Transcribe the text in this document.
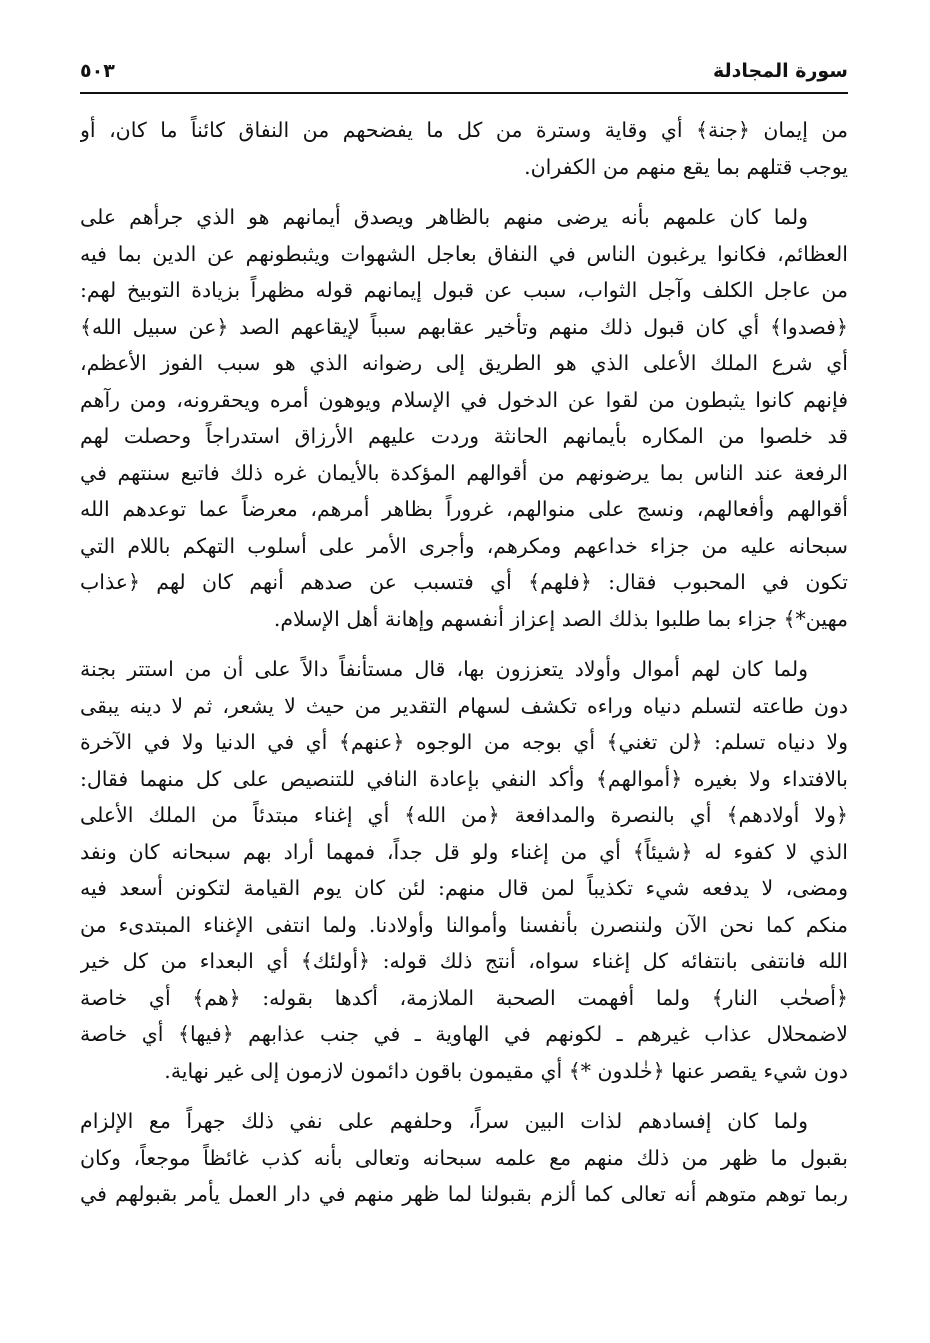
سورة المجادلة
٥٠٣
من إيمان ﴿جنة﴾ أي وقاية وسترة من كل ما يفضحهم من النفاق كائناً ما كان، أو
يوجب قتلهم بما يقع منهم من الكفران.
ولما كان علمهم بأنه يرضى منهم بالظاهر ويصدق أيمانهم هو الذي جرأهم على
العظائم، فكانوا يرغبون الناس في النفاق بعاجل الشهوات ويثبطونهم عن الدين بما فيه
من عاجل الكلف وآجل الثواب، سبب عن قبول إيمانهم قوله مظهراً بزيادة التوبيخ لهم:
﴿فصدوا﴾ أي كان قبول ذلك منهم وتأخير عقابهم سبباً لإيقاعهم الصد ﴿عن سبيل الله﴾
أي شرع الملك الأعلى الذي هو الطريق إلى رضوانه الذي هو سبب الفوز الأعظم،
فإنهم كانوا يثبطون من لقوا عن الدخول في الإسلام ويوهون أمره ويحقرونه، ومن رآهم
قد خلصوا من المكاره بأيمانهم الحانثة وردت عليهم الأرزاق استدراجاً وحصلت لهم
الرفعة عند الناس بما يرضونهم من أقوالهم المؤكدة بالأيمان غره ذلك فاتبع سنتهم في
أقوالهم وأفعالهم، ونسج على منوالهم، غروراً بظاهر أمرهم، معرضاً عما توعدهم الله
سبحانه عليه من جزاء خداعهم ومكرهم، وأجرى الأمر على أسلوب التهكم باللام التي
تكون في المحبوب فقال: ﴿فلهم﴾ أي فتسبب عن صدهم أنهم كان لهم ﴿عذاب
مهين*﴾ جزاء بما طلبوا بذلك الصد إعزاز أنفسهم وإهانة أهل الإسلام.
ولما كان لهم أموال وأولاد يتعززون بها، قال مستأنفاً دالاً على أن من استتر بجنة
دون طاعته لتسلم دنياه وراءه تكشف لسهام التقدير من حيث لا يشعر، ثم لا دينه يبقى
ولا دنياه تسلم: ﴿لن تغني﴾ أي بوجه من الوجوه ﴿عنهم﴾ أي في الدنيا ولا في الآخرة
بالافتداء ولا بغيره ﴿أموالهم﴾ وأكد النفي بإعادة النافي للتنصيص على كل منهما فقال:
﴿ولا أولادهم﴾ أي بالنصرة والمدافعة ﴿من الله﴾ أي إغناء مبتدئاً من الملك الأعلى
الذي لا كفوء له ﴿شيئاً﴾ أي من إغناء ولو قل جداً، فمهما أراد بهم سبحانه كان ونفد
ومضى، لا يدفعه شيء تكذيباً لمن قال منهم: لئن كان يوم القيامة لتكونن أسعد فيه
منكم كما نحن الآن ولننصرن بأنفسنا وأموالنا وأولادنا. ولما انتفى الإغناء المبتدىء من
الله فانتفى بانتفائه كل إغناء سواه، أنتج ذلك قوله: ﴿أولئك﴾ أي البعداء من كل خير
﴿أصحٰب النار﴾ ولما أفهمت الصحبة الملازمة، أكدها بقوله: ﴿هم﴾ أي خاصة
لاضمحلال عذاب غيرهم ـ لكونهم في الهاوية ـ في جنب عذابهم ﴿فيها﴾ أي خاصة
دون شيء يقصر عنها ﴿خٰلدون *﴾ أي مقيمون باقون دائمون لازمون إلى غير نهاية.
ولما كان إفسادهم لذات البين سراً، وحلفهم على نفي ذلك جهراً مع الإلزام
بقبول ما ظهر من ذلك منهم مع علمه سبحانه وتعالى بأنه كذب غائظاً موجعاً، وكان
ربما توهم متوهم أنه تعالى كما ألزم بقبولنا لما ظهر منهم في دار العمل يأمر بقبولهم في
